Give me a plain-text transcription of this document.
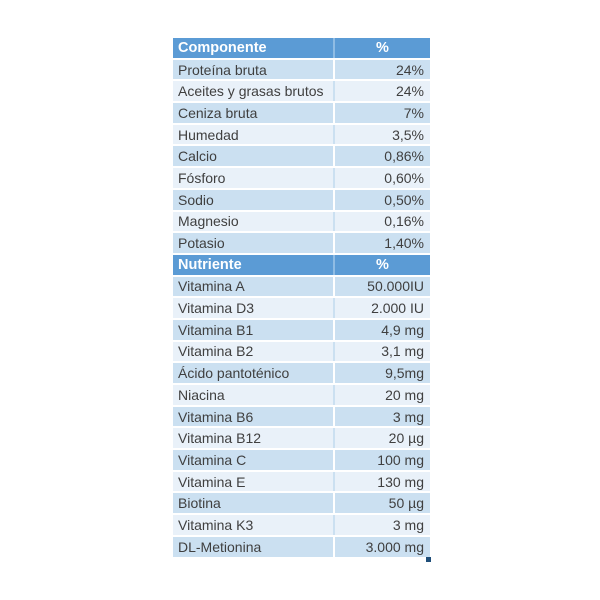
Componente	%
Proteína bruta	24%
Aceites y grasas brutos	24%
Ceniza bruta	7%
Humedad	3,5%
Calcio	0,86%
Fósforo	0,60%
Sodio	0,50%
Magnesio	0,16%
Potasio	1,40%
Nutriente	%
Vitamina A	50.000IU
Vitamina D3	2.000 IU
Vitamina B1	4,9 mg
Vitamina B2	3,1 mg
Ácido pantoténico	9,5mg
Niacina	20 mg
Vitamina B6	3 mg
Vitamina B12	20 µg
Vitamina C	100 mg
Vitamina E	130 mg
Biotina	50 µg
Vitamina K3	3 mg
DL-Metionina	3.000 mg
